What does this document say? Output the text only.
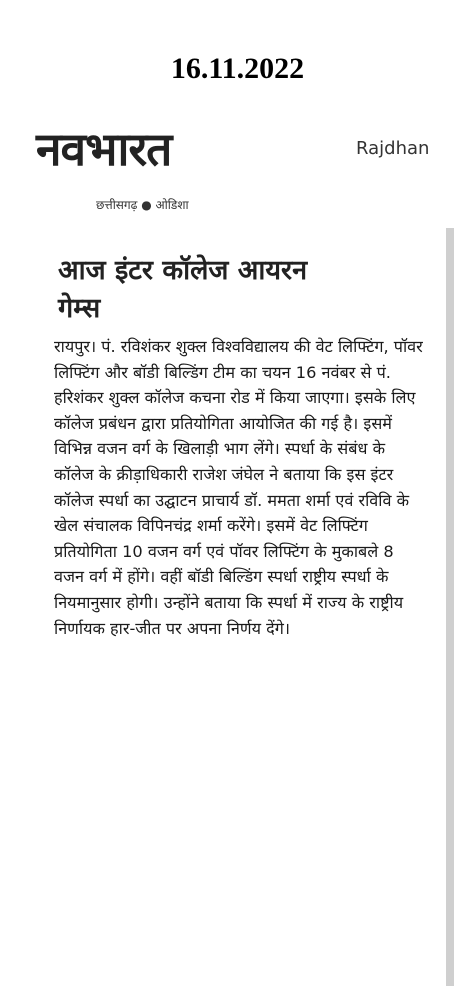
16.11.2022
नवभारत
छत्तीसगढ़ ● ओडिशा
Rajdhan
आज इंटर कॉलेज आयरन गेम्स
रायपुर। पं. रविशंकर शुक्ल विश्वविद्यालय की वेट लिफ्टिंग, पॉवर लिफ्टिंग और बॉडी बिल्डिंग टीम का चयन 16 नवंबर से पं. हरिशंकर शुक्ल कॉलेज कचना रोड में किया जाएगा। इसके लिए कॉलेज प्रबंधन द्वारा प्रतियोगिता आयोजित की गई है। इसमें विभिन्न वजन वर्ग के खिलाड़ी भाग लेंगे। स्पर्धा के संबंध के कॉलेज के क्रीड़ाधिकारी राजेश जंघेल ने बताया कि इस इंटर कॉलेज स्पर्धा का उद्घाटन प्राचार्य डॉ. ममता शर्मा एवं रविवि के खेल संचालक विपिनचंद्र शर्मा करेंगे। इसमें वेट लिफ्टिंग प्रतियोगिता 10 वजन वर्ग एवं पॉवर लिफ्टिंग के मुकाबले 8 वजन वर्ग में होंगे। वहीं बॉडी बिल्डिंग स्पर्धा राष्ट्रीय स्पर्धा के नियमानुसार होगी। उन्होंने बताया कि स्पर्धा में राज्य के राष्ट्रीय निर्णायक हार-जीत पर अपना निर्णय देंगे।
